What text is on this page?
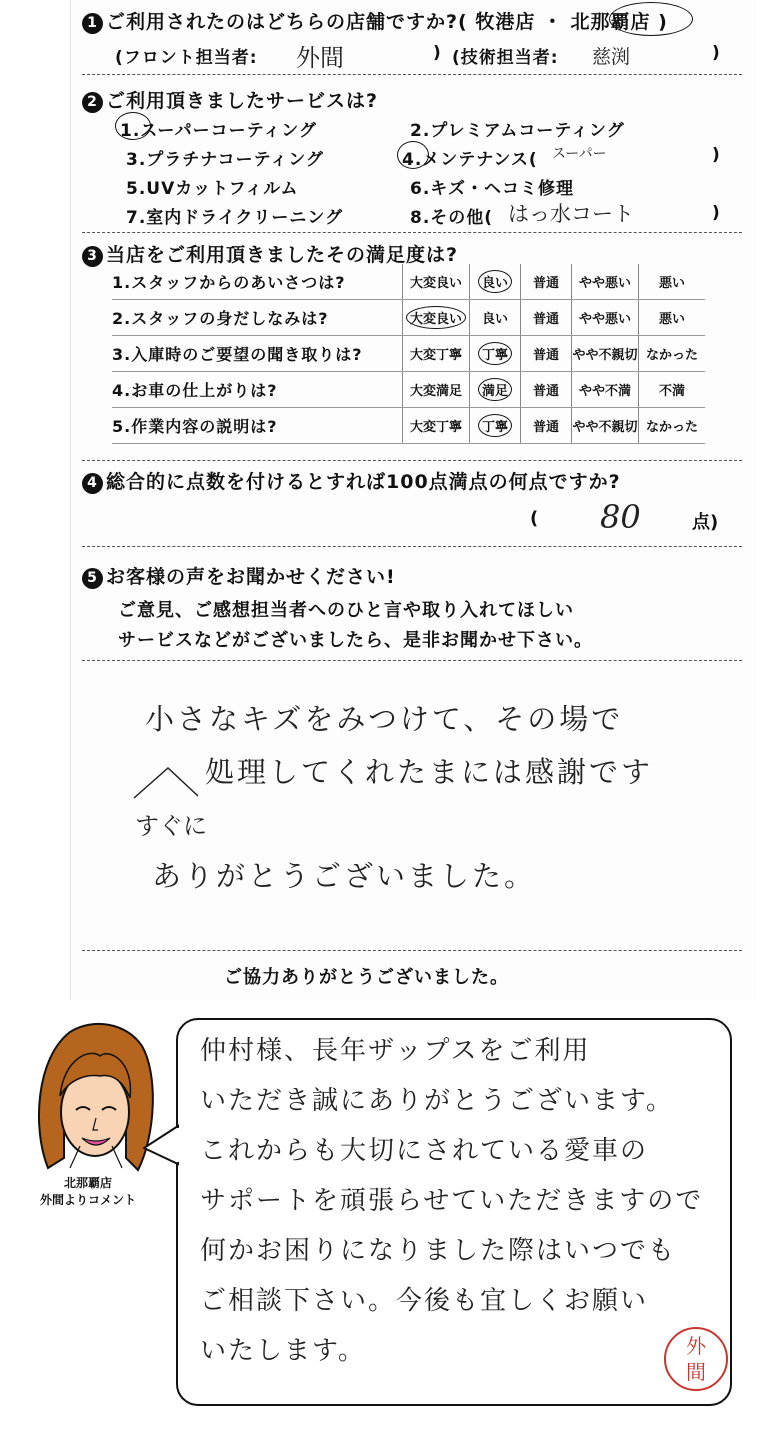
1 ご利用されたのはどちらの店舗ですか?( 牧港店 ・ 北那覇店 )
(フロント担当者: 外間	) (技術担当者: 慈渕	)
2 ご利用頂きましたサービスは?
1.スーパーコーティング	2.プレミアムコーティング
3.プラチナコーティング	4.メンテナンス( スーパー	)
5.UVカットフィルム	6.キズ・ヘコミ修理
7.室内ドライクリーニング	8.その他( はっ水コート	)
3 当店をご利用頂きましたその満足度は?
1.スタッフからのあいさつは?	大変良い	良い	普通	やや悪い	悪い
2.スタッフの身だしなみは?	大変良い	良い	普通	やや悪い	悪い
3.入庫時のご要望の聞き取りは?	大変丁寧	丁寧	普通	やや不親切	なかった
4.お車の仕上がりは?	大変満足	満足	普通	やや不満	不満
5.作業内容の説明は?	大変丁寧	丁寧	普通	やや不親切	なかった
4 総合的に点数を付けるとすれば100点満点の何点ですか?
( 80	点)
5 お客様の声をお聞かせください!
ご意見、ご感想担当者へのひと言や取り入れてほしい
サービスなどがございましたら、是非お聞かせ下さい。
小さなキズをみつけて、その場で
処理してくれたまには感謝です
すぐに
ありがとうございました。
ご協力ありがとうございました。
北那覇店
外間よりコメント
仲村様、長年ザップスをご利用
いただき誠にありがとうございます。
これからも大切にされている愛車の
サポートを頑張らせていただきますので
何かお困りになりました際はいつでも
ご相談下さい。今後も宜しくお願い
いたします。	外
間
